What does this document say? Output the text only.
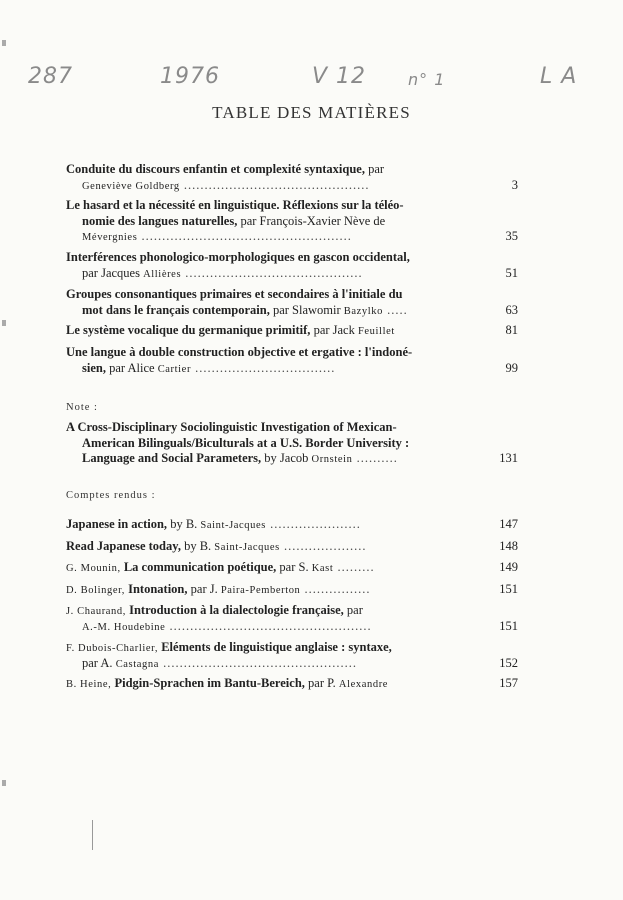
287	1976	V 12	n° 1	L A
TABLE DES MATIÈRES
Conduite du discours enfantin et complexité syntaxique, par
Geneviève Goldberg .............................................	3
Le hasard et la nécessité en linguistique. Réflexions sur la téléo-
nomie des langues naturelles, par François-Xavier Nève de
Mévergnies ...................................................	35
Interférences phonologico-morphologiques en gascon occidental,
par Jacques Allières ...........................................	51
Groupes consonantiques primaires et secondaires à l'initiale du
mot dans le français contemporain, par Slawomir Bazylko .....	63
Le système vocalique du germanique primitif, par Jack Feuillet	81
Une langue à double construction objective et ergative : l'indoné-
sien, par Alice Cartier ..................................	99
Note :
A Cross-Disciplinary Sociolinguistic Investigation of Mexican-
American Bilinguals/Biculturals at a U.S. Border University :
Language and Social Parameters, by Jacob Ornstein ..........	131
Comptes rendus :
Japanese in action, by B. Saint-Jacques ......................	147
Read Japanese today, by B. Saint-Jacques ....................	148
G. Mounin, La communication poétique, par S. Kast .........	149
D. Bolinger, Intonation, par J. Paira-Pemberton ................	151
J. Chaurand, Introduction à la dialectologie française, par
A.-M. Houdebine .................................................	151
F. Dubois-Charlier, Eléments de linguistique anglaise : syntaxe,
par A. Castagna ...............................................	152
B. Heine, Pidgin-Sprachen im Bantu-Bereich, par P. Alexandre	157
